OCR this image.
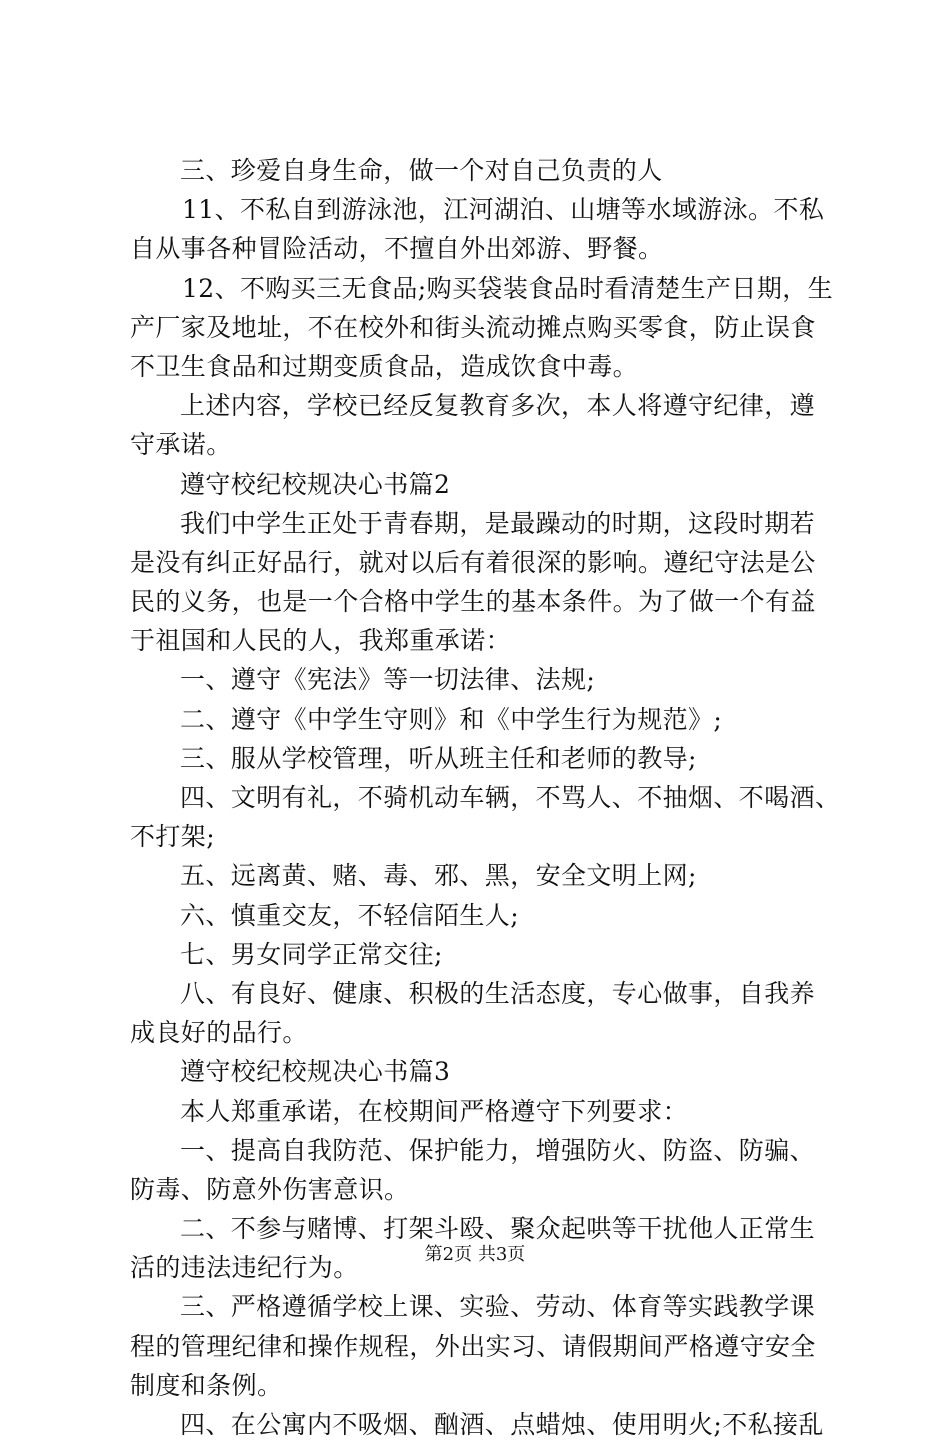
三、珍爱自身生命，做一个对自己负责的人
11、不私自到游泳池，江河湖泊、山塘等水域游泳。不私
自从事各种冒险活动，不擅自外出郊游、野餐。
12、不购买三无食品;购买袋装食品时看清楚生产日期，生
产厂家及地址，不在校外和街头流动摊点购买零食，防止误食
不卫生食品和过期变质食品，造成饮食中毒。
上述内容，学校已经反复教育多次，本人将遵守纪律，遵
守承诺。
遵守校纪校规决心书篇2
我们中学生正处于青春期，是最躁动的时期，这段时期若
是没有纠正好品行，就对以后有着很深的影响。遵纪守法是公
民的义务，也是一个合格中学生的基本条件。为了做一个有益
于祖国和人民的人，我郑重承诺：
一、遵守《宪法》等一切法律、法规;
二、遵守《中学生守则》和《中学生行为规范》;
三、服从学校管理，听从班主任和老师的教导;
四、文明有礼，不骑机动车辆，不骂人、不抽烟、不喝酒、
不打架;
五、远离黄、赌、毒、邪、黑，安全文明上网;
六、慎重交友，不轻信陌生人;
七、男女同学正常交往;
八、有良好、健康、积极的生活态度，专心做事，自我养
成良好的品行。
遵守校纪校规决心书篇3
本人郑重承诺，在校期间严格遵守下列要求：
一、提高自我防范、保护能力，增强防火、防盗、防骗、
防毒、防意外伤害意识。
二、不参与赌博、打架斗殴、聚众起哄等干扰他人正常生
活的违法违纪行为。
三、严格遵循学校上课、实验、劳动、体育等实践教学课
程的管理纪律和操作规程，外出实习、请假期间严格遵守安全
制度和条例。
四、在公寓内不吸烟、酗酒、点蜡烛、使用明火;不私接乱
第2页 共3页
